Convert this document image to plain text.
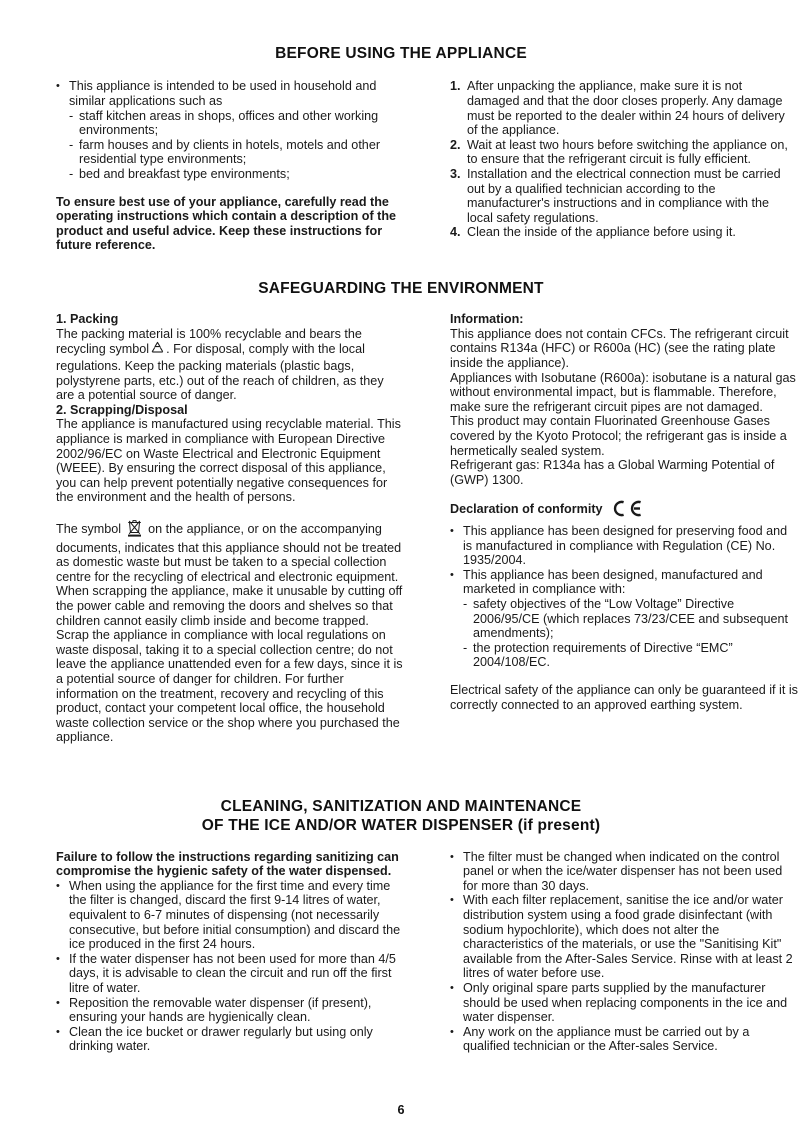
BEFORE USING THE APPLIANCE
• This appliance is intended to be used in household and similar applications such as
- staff kitchen areas in shops, offices and other working environments;
- farm houses and by clients in hotels, motels and other residential type environments;
- bed and breakfast type environments;

To ensure best use of your appliance, carefully read the operating instructions which contain a description of the product and useful advice. Keep these instructions for future reference.

1. After unpacking the appliance, make sure it is not damaged and that the door closes properly. Any damage must be reported to the dealer within 24 hours of delivery of the appliance.
2. Wait at least two hours before switching the appliance on, to ensure that the refrigerant circuit is fully efficient.
3. Installation and the electrical connection must be carried out by a qualified technician according to the manufacturer's instructions and in compliance with the local safety regulations.
4. Clean the inside of the appliance before using it.
SAFEGUARDING THE ENVIRONMENT

1. Packing

The packing material is 100% recyclable and bears the recycling symbol . For disposal, comply with the local regulations. Keep the packing materials (plastic bags, polystyrene parts, etc.) out of the reach of children, as they are a potential source of danger.

2. Scrapping/Disposal

The appliance is manufactured using recyclable material. This appliance is marked in compliance with European Directive 2002/96/EC on Waste Electrical and Electronic Equipment (WEEE). By ensuring the correct disposal of this appliance, you can help prevent potentially negative consequences for the environment and the health of persons.

The symbol on the appliance, or on the accompanying documents, indicates that this appliance should not be treated as domestic waste but must be taken to a special collection centre for the recycling of electrical and electronic equipment.

When scrapping the appliance, make it unusable by cutting off the power cable and removing the doors and shelves so that children cannot easily climb inside and become trapped.

Scrap the appliance in compliance with local regulations on waste disposal, taking it to a special collection centre; do not leave the appliance unattended even for a few days, since it is a potential source of danger for children. For further information on the treatment, recovery and recycling of this product, contact your competent local office, the household waste collection service or the shop where you purchased the appliance.

Information:

This appliance does not contain CFCs. The refrigerant circuit contains R134a (HFC) or R600a (HC) (see the rating plate inside the appliance).

Appliances with Isobutane (R600a): isobutane is a natural gas without environmental impact, but is flammable. Therefore, make sure the refrigerant circuit pipes are not damaged.

This product may contain Fluorinated Greenhouse Gases covered by the Kyoto Protocol; the refrigerant gas is inside a hermetically sealed system.

Refrigerant gas: R134a has a Global Warming Potential of (GWP) 1300.

Declaration of conformity

• This appliance has been designed for preserving food and is manufactured in compliance with Regulation (CE) No. 1935/2004.
• This appliance has been designed, manufactured and marketed in compliance with:
- safety objectives of the “Low Voltage” Directive 2006/95/CE (which replaces 73/23/CEE and subsequent amendments);
- the protection requirements of Directive “EMC” 2004/108/EC.

Electrical safety of the appliance can only be guaranteed if it is correctly connected to an approved earthing system.

CLEANING, SANITIZATION AND MAINTENANCE
OF THE ICE AND/OR WATER DISPENSER (if present)

Failure to follow the instructions regarding sanitizing can compromise the hygienic safety of the water dispensed.

• When using the appliance for the first time and every time the filter is changed, discard the first 9-14 litres of water, equivalent to 6-7 minutes of dispensing (not necessarily consecutive, but before initial consumption) and discard the ice produced in the first 24 hours.
• If the water dispenser has not been used for more than 4/5 days, it is advisable to clean the circuit and run off the first litre of water.
• Reposition the removable water dispenser (if present), ensuring your hands are hygienically clean.
• Clean the ice bucket or drawer regularly but using only drinking water.
• The filter must be changed when indicated on the control panel or when the ice/water dispenser has not been used for more than 30 days.
• With each filter replacement, sanitise the ice and/or water distribution system using a food grade disinfectant (with sodium hypochlorite), which does not alter the characteristics of the materials, or use the "Sanitising Kit" available from the After-Sales Service. Rinse with at least 2 litres of water before use.
• Only original spare parts supplied by the manufacturer should be used when replacing components in the ice and water dispenser.
• Any work on the appliance must be carried out by a qualified technician or the After-sales Service.
6
